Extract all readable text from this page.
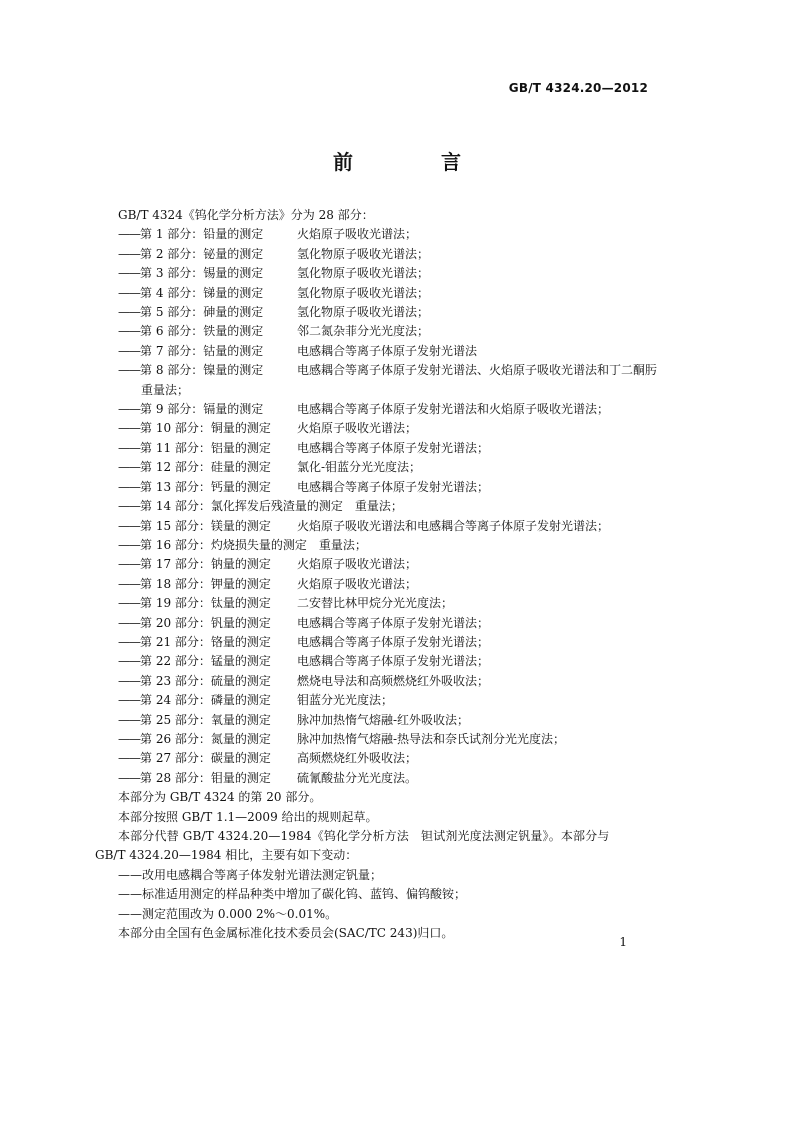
GB/T 4324.20—2012
前　言
GB/T 4324《钨化学分析方法》分为 28 部分：
—— 第 1 部分：铅量的测定	火焰原子吸收光谱法；
—— 第 2 部分：铋量的测定	氢化物原子吸收光谱法；
—— 第 3 部分：锡量的测定	氢化物原子吸收光谱法；
—— 第 4 部分：锑量的测定	氢化物原子吸收光谱法；
—— 第 5 部分：砷量的测定	氢化物原子吸收光谱法；
—— 第 6 部分：铁量的测定	邻二氮杂菲分光光度法；
—— 第 7 部分：钴量的测定	电感耦合等离子体原子发射光谱法
—— 第 8 部分：镍量的测定	电感耦合等离子体原子发射光谱法、火焰原子吸收光谱法和丁二酮肟
重量法；
—— 第 9 部分：镉量的测定	电感耦合等离子体原子发射光谱法和火焰原子吸收光谱法；
—— 第 10 部分：铜量的测定	火焰原子吸收光谱法；
—— 第 11 部分：铝量的测定	电感耦合等离子体原子发射光谱法；
—— 第 12 部分：硅量的测定	氯化-钼蓝分光光度法；
—— 第 13 部分：钙量的测定	电感耦合等离子体原子发射光谱法；
—— 第 14 部分：氯化挥发后残渣量的测定 重量法；
—— 第 15 部分：镁量的测定	火焰原子吸收光谱法和电感耦合等离子体原子发射光谱法；
—— 第 16 部分：灼烧损失量的测定 重量法；
—— 第 17 部分：钠量的测定	火焰原子吸收光谱法；
—— 第 18 部分：钾量的测定	火焰原子吸收光谱法；
—— 第 19 部分：钛量的测定	二安替比林甲烷分光光度法；
—— 第 20 部分：钒量的测定	电感耦合等离子体原子发射光谱法；
—— 第 21 部分：铬量的测定	电感耦合等离子体原子发射光谱法；
—— 第 22 部分：锰量的测定	电感耦合等离子体原子发射光谱法；
—— 第 23 部分：硫量的测定	燃烧电导法和高频燃烧红外吸收法；
—— 第 24 部分：磷量的测定	钼蓝分光光度法；
—— 第 25 部分：氧量的测定	脉冲加热惰气熔融-红外吸收法；
—— 第 26 部分：氮量的测定	脉冲加热惰气熔融-热导法和奈氏试剂分光光度法；
—— 第 27 部分：碳量的测定	高频燃烧红外吸收法；
—— 第 28 部分：钼量的测定	硫氰酸盐分光光度法。
本部分为 GB/T 4324 的第 20 部分。
本部分按照 GB/T 1.1—2009 给出的规则起草。
本部分代替 GB/T 4324.20—1984《钨化学分析方法　钽试剂光度法测定钒量》。本部分与
GB/T 4324.20—1984 相比，主要有如下变动：
——改用电感耦合等离子体发射光谱法测定钒量；
——标准适用测定的样品种类中增加了碳化钨、蓝钨、偏钨酸铵；
——测定范围改为 0.000 2%～0.01%。
本部分由全国有色金属标准化技术委员会(SAC/TC 243)归口。
1
